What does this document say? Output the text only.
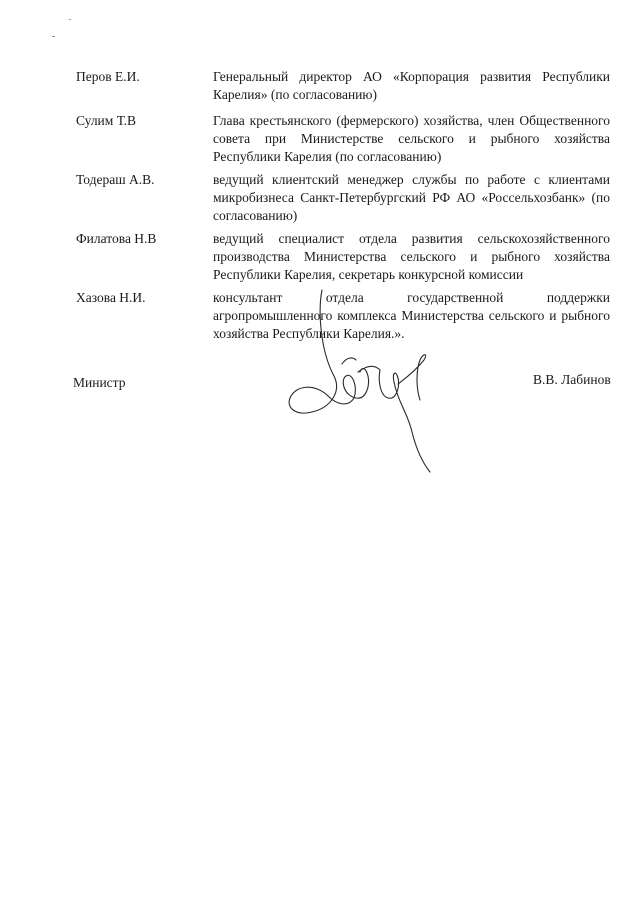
Перов Е.И.	Генеральный директор АО «Корпорация развития Республики Карелия» (по согласованию)
Сулим Т.В	Глава крестьянского (фермерского) хозяйства, член Общественного совета при Министерстве сельского и рыбного хозяйства Республики Карелия (по согласованию)
Тодераш А.В.	ведущий клиентский менеджер службы по работе с клиентами микробизнеса Санкт-Петербургский РФ АО «Россельхозбанк» (по согласованию)
Филатова Н.В	ведущий специалист отдела развития сельскохозяйственного производства Министерства сельского и рыбного хозяйства Республики Карелия, секретарь конкурсной комиссии
Хазова Н.И.	консультант отдела государственной поддержки агропромышленного комплекса Министерства сельского и рыбного хозяйства Республики Карелия.».
Министр	В.В. Лабинов
